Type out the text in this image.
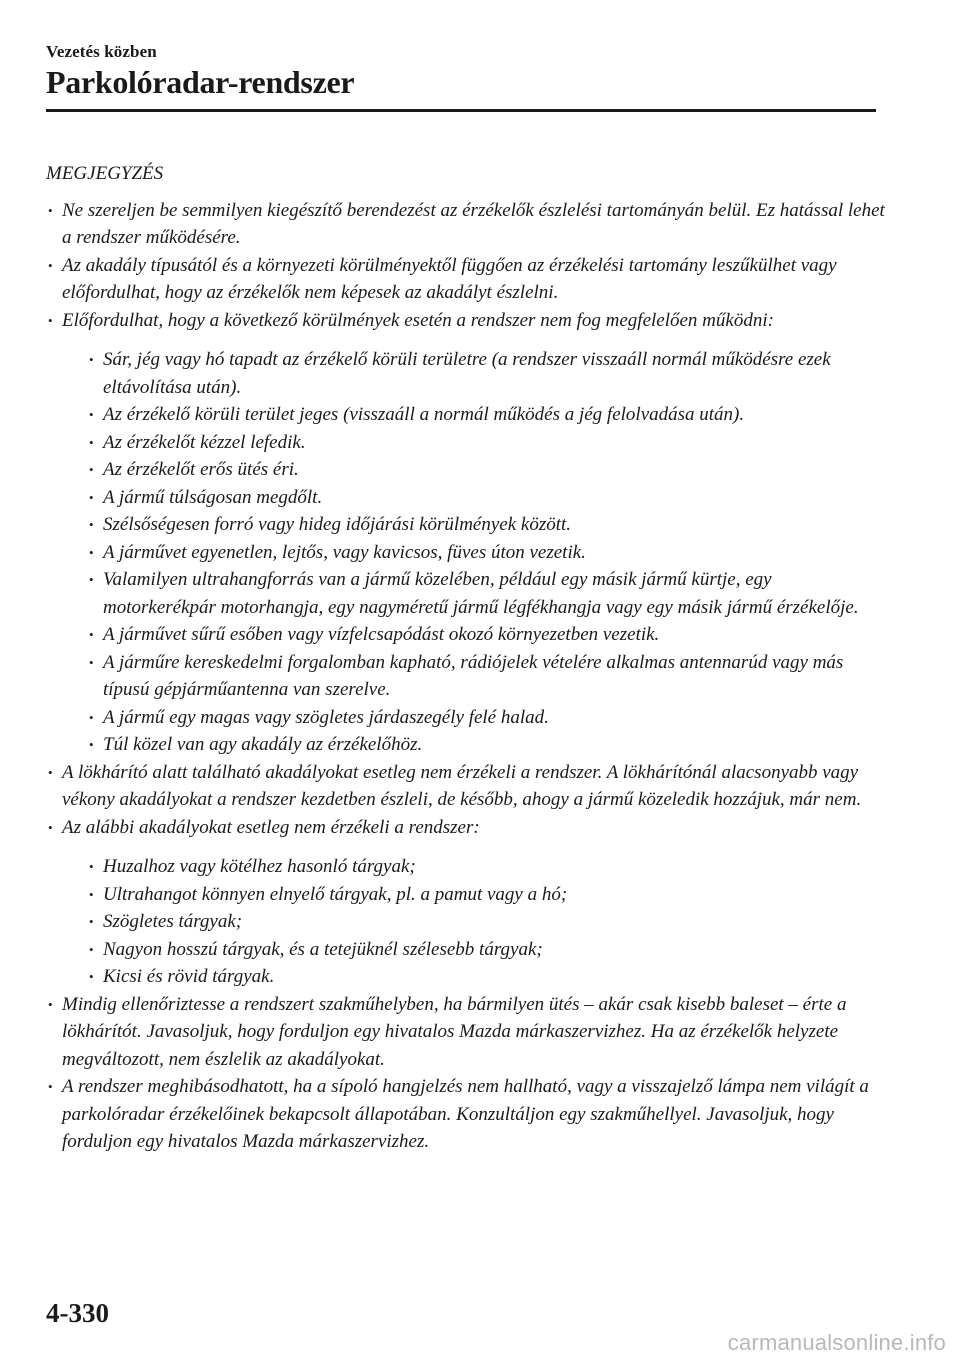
Vezetés közben
Parkolóradar-rendszer
MEGJEGYZÉS
• Ne szereljen be semmilyen kiegészítő berendezést az érzékelők észlelési tartományán belül. Ez hatással lehet a rendszer működésére.
• Az akadály típusától és a környezeti körülményektől függően az érzékelési tartomány leszűkülhet vagy előfordulhat, hogy az érzékelők nem képesek az akadályt észlelni.
• Előfordulhat, hogy a következő körülmények esetén a rendszer nem fog megfelelően működni:
• Sár, jég vagy hó tapadt az érzékelő körüli területre (a rendszer visszaáll normál működésre ezek eltávolítása után).
• Az érzékelő körüli terület jeges (visszaáll a normál működés a jég felolvadása után).
• Az érzékelőt kézzel lefedik.
• Az érzékelőt erős ütés éri.
• A jármű túlságosan megdőlt.
• Szélsőségesen forró vagy hideg időjárási körülmények között.
• A járművet egyenetlen, lejtős, vagy kavicsos, füves úton vezetik.
• Valamilyen ultrahangforrás van a jármű közelében, például egy másik jármű kürtje, egy motorkerékpár motorhangja, egy nagyméretű jármű légfékhangja vagy egy másik jármű érzékelője.
• A járművet sűrű esőben vagy vízfelcsapódást okozó környezetben vezetik.
• A járműre kereskedelmi forgalomban kapható, rádiójelek vételére alkalmas antennarúd vagy más típusú gépjárműantenna van szerelve.
• A jármű egy magas vagy szögletes járdaszegély felé halad.
• Túl közel van agy akadály az érzékelőhöz.
• A lökhárító alatt található akadályokat esetleg nem érzékeli a rendszer. A lökhárítónál alacsonyabb vagy vékony akadályokat a rendszer kezdetben észleli, de később, ahogy a jármű közeledik hozzájuk, már nem.
• Az alábbi akadályokat esetleg nem érzékeli a rendszer:
• Huzalhoz vagy kötélhez hasonló tárgyak;
• Ultrahangot könnyen elnyelő tárgyak, pl. a pamut vagy a hó;
• Szögletes tárgyak;
• Nagyon hosszú tárgyak, és a tetejüknél szélesebb tárgyak;
• Kicsi és rövid tárgyak.
• Mindig ellenőriztesse a rendszert szakműhelyben, ha bármilyen ütés – akár csak kisebb baleset – érte a lökhárítót. Javasoljuk, hogy forduljon egy hivatalos Mazda márkaszervizhez. Ha az érzékelők helyzete megváltozott, nem észlelik az akadályokat.
• A rendszer meghibásodhatott, ha a sípoló hangjelzés nem hallható, vagy a visszajelző lámpa nem világít a parkolóradar érzékelőinek bekapcsolt állapotában. Konzultáljon egy szakműhellyel. Javasoljuk, hogy forduljon egy hivatalos Mazda márkaszervizhez.
4-330
carmanualsonline.info
